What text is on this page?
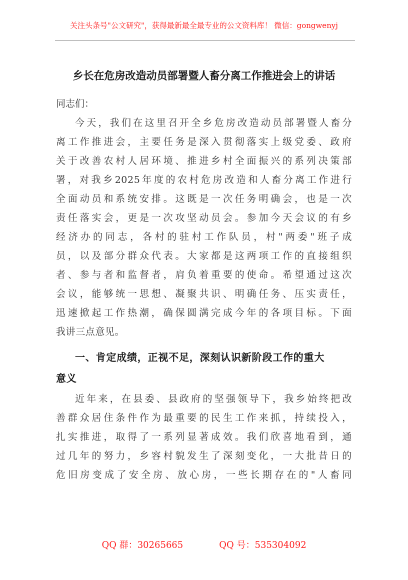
关注头条号"公文研究"，获得最新最全最专业的公文资料库！ 微信：gongwenyj
乡长在危房改造动员部署暨人畜分离工作推进会上的讲话
同志们：
今天，我们在这里召开全乡危房改造动员部署暨人畜分
离工作推进会，主要任务是深入贯彻落实上级党委、政府
关于改善农村人居环境、推进乡村全面振兴的系列决策部
署，对我乡2025年度的农村危房改造和人畜分离工作进行
全面动员和系统安排。这既是一次任务明确会，也是一次
责任落实会，更是一次攻坚动员会。参加今天会议的有乡
经济办的同志，各村的驻村工作队员，村"两委"班子成
员，以及部分群众代表。大家都是这两项工作的直接组织
者、参与者和监督者，肩负着重要的使命。希望通过这次
会议，能够统一思想、凝聚共识、明确任务、压实责任，
迅速掀起工作热潮，确保圆满完成今年的各项目标。下面
我讲三点意见。
一、肯定成绩，正视不足，深刻认识新阶段工作的重大
意义
近年来，在县委、县政府的坚强领导下，我乡始终把改
善群众居住条件作为最重要的民生工作来抓，持续投入，
扎实推进，取得了一系列显著成效。我们欣喜地看到，通
过几年的努力，乡容村貌发生了深刻变化，一大批昔日的
危旧房变成了安全房、放心房，一些长期存在的"人畜同
QQ 群：30265665	QQ 号：535304092
